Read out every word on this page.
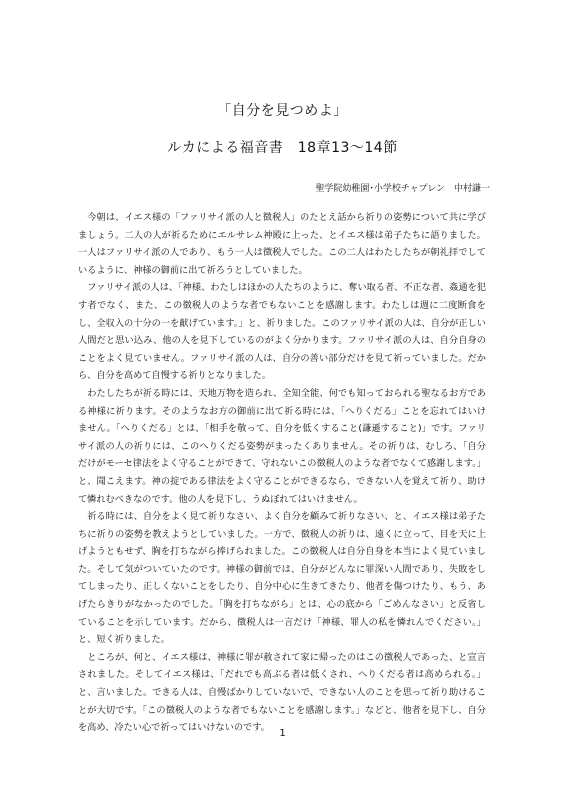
「自分を見つめよ」
ルカによる福音書　18章13～14節
聖学院幼稚園･小学校チャプレン　中村謙一

今朝は、イエス様の「ファリサイ派の人と徴税人」のたとえ話から祈りの姿勢について共に学びましょう。二人の人が祈るためにエルサレム神殿に上った、とイエス様は弟子たちに語りました。一人はファリサイ派の人であり、もう一人は徴税人でした。この二人はわたしたちが朝礼拝でしているように、神様の御前に出て祈ろうとしていました。

ファリサイ派の人は、「神様、わたしはほかの人たちのように、奪い取る者、不正な者、姦通を犯す者でなく、また、この徴税人のような者でもないことを感謝します。わたしは週に二度断食をし、全収入の十分の一を献げています。」と、祈りました。このファリサイ派の人は、自分が正しい人間だと思い込み、他の人を見下しているのがよく分かります。ファリサイ派の人は、自分自身のことをよく見ていません。ファリサイ派の人は、自分の善い部分だけを見て祈っていました。だから、自分を高めて自慢する祈りとなりました。

わたしたちが祈る時には、天地万物を造られ、全知全能、何でも知っておられる聖なるお方である神様に祈ります。そのようなお方の御前に出て祈る時には、「へりくだる」ことを忘れてはいけません。「へりくだる」とは、「相手を敬って、自分を低くすること(謙遜すること)」です。ファリサイ派の人の祈りには、このへりくだる姿勢がまったくありません。その祈りは、むしろ、「自分だけがモーセ律法をよく守ることができて、守れないこの徴税人のような者でなくて感謝します。」と、聞こえます。神の掟である律法をよく守ることができるなら、できない人を覚えて祈り、助けて憐れむべきなのです。他の人を見下し、うぬぼれてはいけません。

祈る時には、自分をよく見て祈りなさい、よく自分を顧みて祈りなさい、と、イエス様は弟子たちに祈りの姿勢を教えようとしていました。一方で、徴税人の祈りは、遠くに立って、目を天に上げようともせず、胸を打ちながら捧げられました。この徴税人は自分自身を本当によく見ていました。そして気がついていたのです。神様の御前では、自分がどんなに罪深い人間であり、失敗をしてしまったり、正しくないことをしたり、自分中心に生きてきたり、他者を傷つけたり、もう、あげたらきりがなかったのでした。「胸を打ちながら」とは、心の底から「ごめんなさい」と反省していることを示しています。だから、徴税人は一言だけ「神様、罪人の私を憐れんでください。」と、短く祈りました。

ところが、何と、イエス様は、神様に罪が赦されて家に帰ったのはこの徴税人であった、と宣言されました。そしてイエス様は、「だれでも高ぶる者は低くされ、へりくだる者は高められる。」と、言いました。できる人は、自慢ばかりしていないで、できない人のことを思って祈り助けることが大切です。「この徴税人のような者でもないことを感謝します。」などと、他者を見下し、自分を高め、冷たい心で祈ってはいけないのです。

1
